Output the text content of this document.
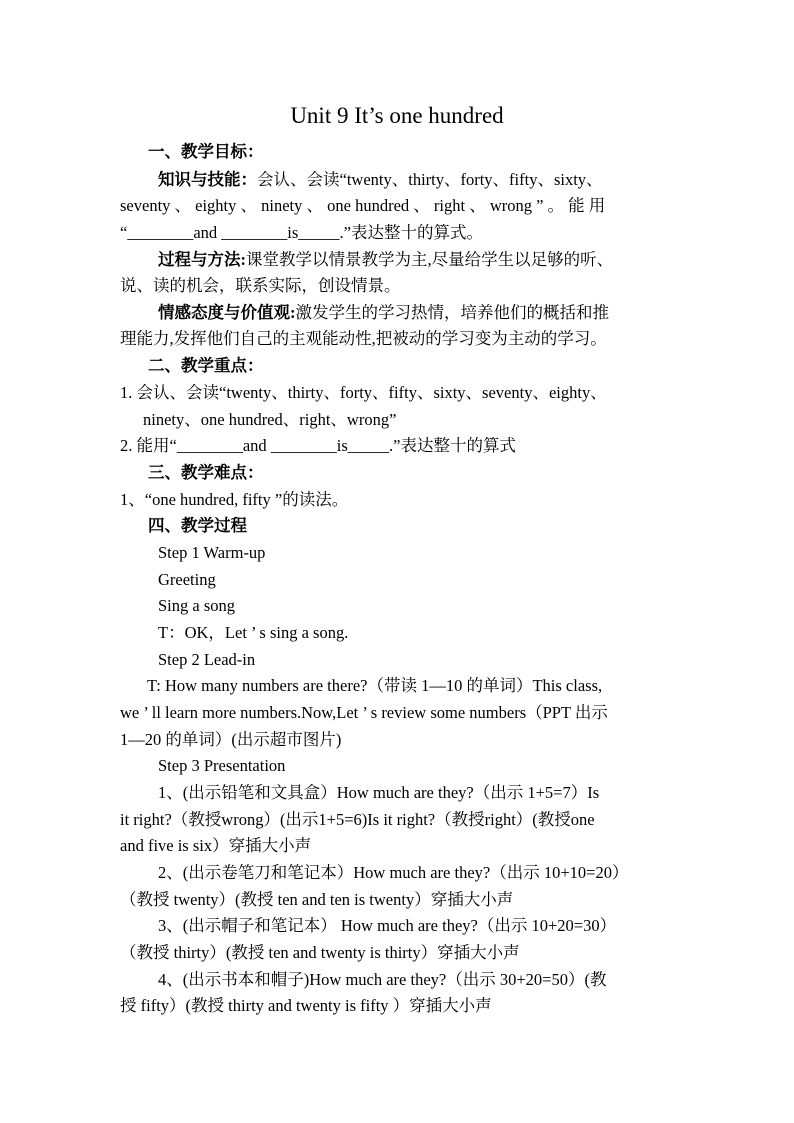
Unit 9 It’s one hundred
一、教学目标：
知识与技能：会认、会读“twenty、thirty、forty、fifty、sixty、
seventy 、 eighty 、 ninety 、 one hundred 、 right 、 wrong ” 。 能 用
“________and ________is_____.”表达整十的算式。
过程与方法:课堂教学以情景教学为主,尽量给学生以足够的听、
说、读的机会，联系实际，创设情景。
情感态度与价值观:激发学生的学习热情，培养他们的概括和推
理能力,发挥他们自己的主观能动性,把被动的学习变为主动的学习。
二、教学重点：
1. 会认、会读“twenty、thirty、forty、fifty、sixty、seventy、eighty、
ninety、one hundred、right、wrong”
2. 能用“________and ________is_____.”表达整十的算式
三、教学难点：
1、“one hundred, fifty ”的读法。
四、教学过程
Step 1 Warm-up
Greeting
Sing a song
T：OK，Let ’ s sing a song.
Step 2 Lead-in
T: How many numbers are there?（带读 1—10 的单词）This class,
we ’ ll learn more numbers.Now,Let ’ s review some numbers（PPT 出示
1—20 的单词）(出示超市图片)
Step 3 Presentation
1、(出示铅笔和文具盒）How much are they?（出示 1+5=7）Is
it right?（教授wrong）(出示1+5=6)Is it right?（教授right）(教授one
and five is six）穿插大小声
2、(出示卷笔刀和笔记本）How much are they?（出示 10+10=20）
（教授 twenty）(教授 ten and ten is twenty）穿插大小声
3、(出示帽子和笔记本） How much are they?（出示 10+20=30）
（教授 thirty）(教授 ten and twenty is thirty）穿插大小声
4、(出示书本和帽子)How much are they?（出示 30+20=50）(教
授 fifty）(教授 thirty and twenty is fifty ）穿插大小声
